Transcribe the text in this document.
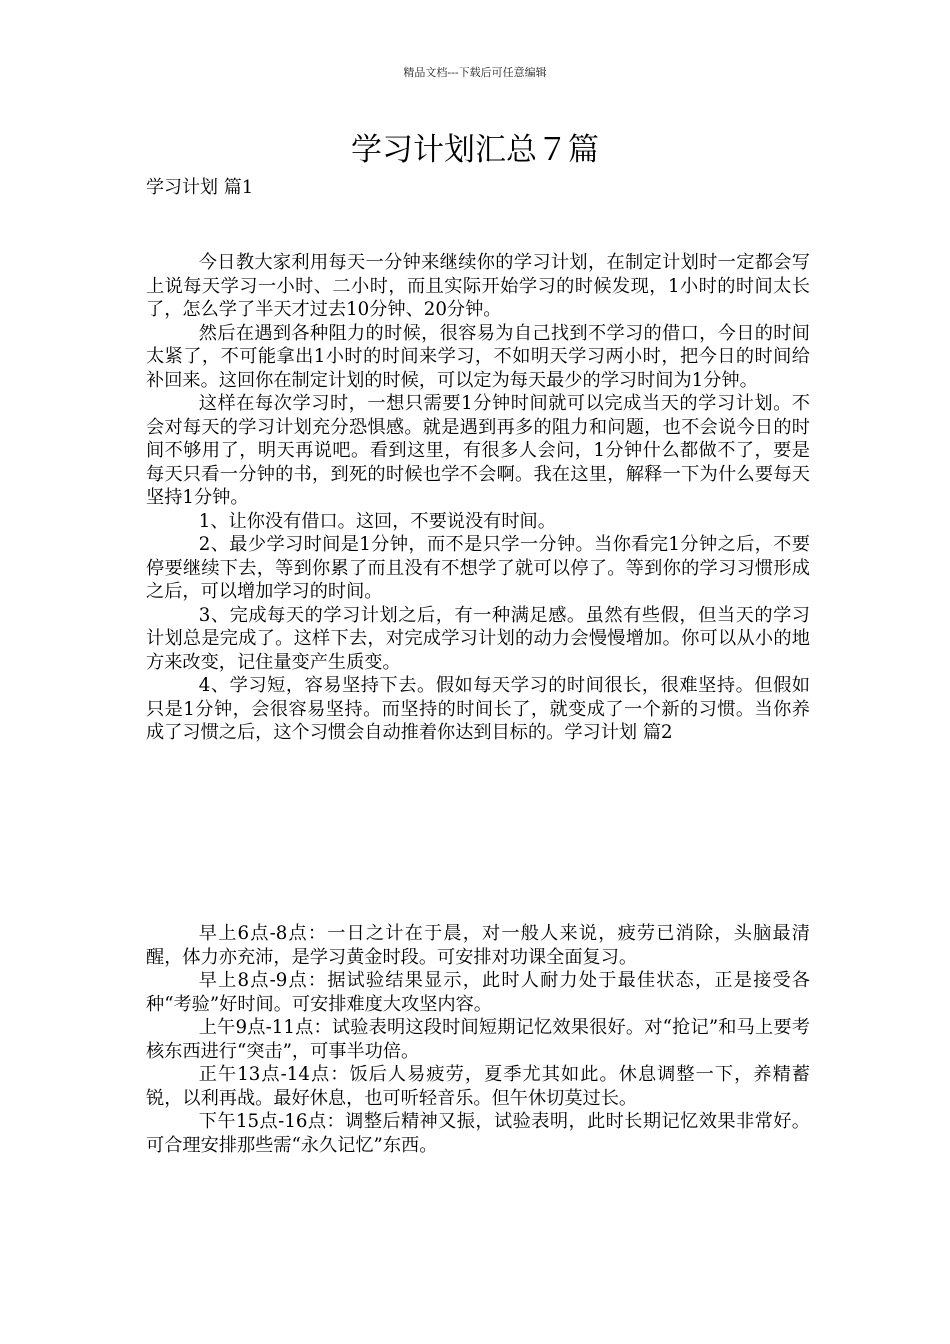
精品文档---下载后可任意编辑
学习计划汇总７篇
学习计划 篇1

今日教大家利用每天一分钟来继续你的学习计划，在制定计划时一定都会写上说每天学习一小时、二小时，而且实际开始学习的时候发现，1小时的时间太长了，怎么学了半天才过去10分钟、20分钟。

然后在遇到各种阻力的时候，很容易为自己找到不学习的借口，今日的时间太紧了，不可能拿出1小时的时间来学习，不如明天学习两小时，把今日的时间给补回来。这回你在制定计划的时候，可以定为每天最少的学习时间为1分钟。

这样在每次学习时，一想只需要1分钟时间就可以完成当天的学习计划。不会对每天的学习计划充分恐惧感。就是遇到再多的阻力和问题，也不会说今日的时间不够用了，明天再说吧。看到这里，有很多人会问，1分钟什么都做不了，要是每天只看一分钟的书，到死的时候也学不会啊。我在这里，解释一下为什么要每天坚持1分钟。

1、让你没有借口。这回，不要说没有时间。

2、最少学习时间是1分钟，而不是只学一分钟。当你看完1分钟之后，不要停要继续下去，等到你累了而且没有不想学了就可以停了。等到你的学习习惯形成之后，可以增加学习的时间。

3、完成每天的学习计划之后，有一种满足感。虽然有些假，但当天的学习计划总是完成了。这样下去，对完成学习计划的动力会慢慢增加。你可以从小的地方来改变，记住量变产生质变。

4、学习短，容易坚持下去。假如每天学习的时间很长，很难坚持。但假如只是1分钟，会很容易坚持。而坚持的时间长了，就变成了一个新的习惯。当你养成了习惯之后，这个习惯会自动推着你达到目标的。学习计划 篇2

早上6点-8点：一日之计在于晨，对一般人来说，疲劳已消除，头脑最清醒，体力亦充沛，是学习黄金时段。可安排对功课全面复习。

早上8点-9点：据试验结果显示，此时人耐力处于最佳状态，正是接受各种“考验”好时间。可安排难度大攻坚内容。

上午9点-11点：试验表明这段时间短期记忆效果很好。对“抢记”和马上要考核东西进行“突击”，可事半功倍。

正午13点-14点：饭后人易疲劳，夏季尤其如此。休息调整一下，养精蓄锐，以利再战。最好休息，也可听轻音乐。但午休切莫过长。

下午15点-16点：调整后精神又振，试验表明，此时长期记忆效果非常好。可合理安排那些需“永久记忆”东西。
